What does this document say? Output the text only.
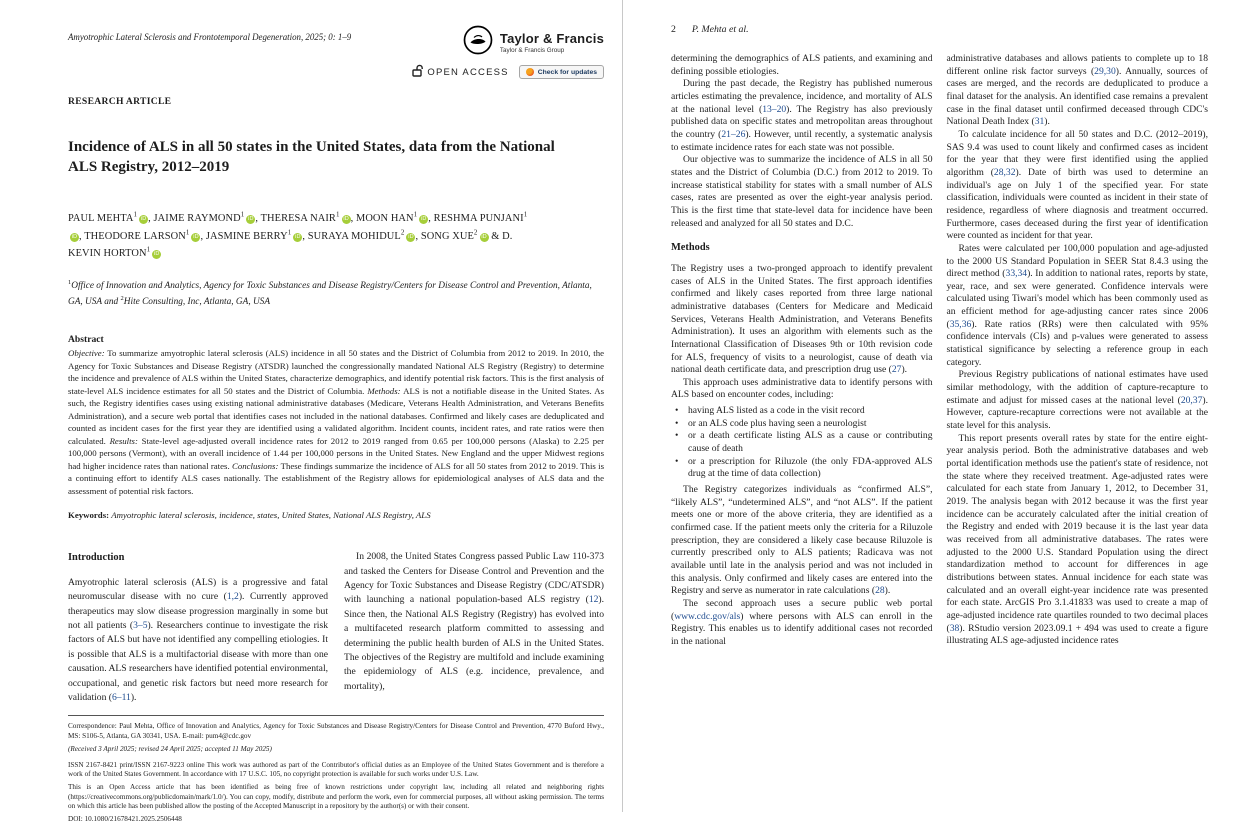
Amyotrophic Lateral Sclerosis and Frontotemporal Degeneration, 2025; 0: 1–9	Taylor & Francis
Taylor & Francis Group
OPEN ACCESS	Check for updates
RESEARCH ARTICLE
Incidence of ALS in all 50 states in the United States, data from the National ALS Registry, 2012–2019
PAUL MEHTA$^1$iD , JAIME RAYMOND$^1$iD , THERESA NAIR$^1$iD , MOON HAN$^1$iD , RESHMA PUNJANI$^1$iD , THEODORE LARSON$^1$iD , JASMINE BERRY$^1$iD , SURAYA MOHIDUL$^2$iD , SONG XUE$^2$iD & D. KEVIN HORTON$^1$iD
$^1$Office of Innovation and Analytics, Agency for Toxic Substances and Disease Registry/Centers for Disease Control and Prevention, Atlanta, GA, USA and $^2$Hite Consulting, Inc, Atlanta, GA, USA
Abstract
Objective: To summarize amyotrophic lateral sclerosis (ALS) incidence in all 50 states and the District of Columbia from 2012 to 2019. In 2010, the Agency for Toxic Substances and Disease Registry (ATSDR) launched the congressionally mandated National ALS Registry (Registry) to determine the incidence and prevalence of ALS within the United States, characterize demographics, and identify potential risk factors. This is the first analysis of state-level ALS incidence estimates for all 50 states and the District of Columbia. Methods: ALS is not a notifiable disease in the United States. As such, the Registry identifies cases using existing national administrative databases (Medicare, Veterans Health Administration, and Veterans Benefits Administration), and a secure web portal that identifies cases not included in the national databases. Confirmed and likely cases are deduplicated and counted as incident cases for the first year they are identified using a validated algorithm. Incident counts, incident rates, and rate ratios were then calculated. Results: State-level age-adjusted overall incidence rates for 2012 to 2019 ranged from 0.65 per 100,000 persons (Alaska) to 2.25 per 100,000 persons (Vermont), with an overall incidence of 1.44 per 100,000 persons in the United States. New England and the upper Midwest regions had higher incidence rates than national rates. Conclusions: These findings summarize the incidence of ALS for all 50 states from 2012 to 2019. This is a continuing effort to identify ALS cases nationally. The establishment of the Registry allows for epidemiological analyses of ALS data and the assessment of potential risk factors.
Keywords: Amyotrophic lateral sclerosis, incidence, states, United States, National ALS Registry, ALS
Introduction

Amyotrophic lateral sclerosis (ALS) is a progressive and fatal neuromuscular disease with no cure (1,2). Currently approved therapeutics may slow disease progression marginally in some but not all patients (3–5). Researchers continue to investigate the risk factors of ALS but have not identified any compelling etiologies. It is possible that ALS is a multifactorial disease with more than one causation. ALS researchers have identified potential environmental, occupational, and genetic risk factors but need more research for validation (6–11).

In 2008, the United States Congress passed Public Law 110-373 and tasked the Centers for Disease Control and Prevention and the Agency for Toxic Substances and Disease Registry (CDC/ATSDR) with launching a national population-based ALS registry (12). Since then, the National ALS Registry (Registry) has evolved into a multifaceted research platform committed to assessing and determining the public health burden of ALS in the United States. The objectives of the Registry are multifold and include examining the epidemiology of ALS (e.g. incidence, prevalence, and mortality),

Correspondence: Paul Mehta, Office of Innovation and Analytics, Agency for Toxic Substances and Disease Registry/Centers for Disease Control and Prevention, 4770 Buford Hwy., MS: S106-5, Atlanta, GA 30341, USA. E-mail: pum4@cdc.gov

(Received 3 April 2025; revised 24 April 2025; accepted 11 May 2025)

ISSN 2167-8421 print/ISSN 2167-9223 online This work was authored as part of the Contributor's official duties as an Employee of the United States Government and is therefore a work of the United States Government. In accordance with 17 U.S.C. 105, no copyright protection is available for such works under U.S. Law.

This is an Open Access article that has been identified as being free of known restrictions under copyright law, including all related and neighboring rights (https://creativecommons.org/publicdomain/mark/1.0/). You can copy, modify, distribute and perform the work, even for commercial purposes, all without asking permission. The terms on which this article has been published allow the posting of the Accepted Manuscript in a repository by the author(s) or with their consent.

DOI: 10.1080/21678421.2025.2506448

2 P. Mehta et al.

determining the demographics of ALS patients, and examining and defining possible etiologies.

During the past decade, the Registry has published numerous articles estimating the prevalence, incidence, and mortality of ALS at the national level (13–20). The Registry has also previously published data on specific states and metropolitan areas throughout the country (21–26). However, until recently, a systematic analysis to estimate incidence rates for each state was not possible.

Our objective was to summarize the incidence of ALS in all 50 states and the District of Columbia (D.C.) from 2012 to 2019. To increase statistical stability for states with a small number of ALS cases, rates are presented as over the eight-year analysis period. This is the first time that state-level data for incidence have been released and analyzed for all 50 states and D.C.

Methods

The Registry uses a two-pronged approach to identify prevalent cases of ALS in the United States. The first approach identifies confirmed and likely cases reported from three large national administrative databases (Centers for Medicare and Medicaid Services, Veterans Health Administration, and Veterans Benefits Administration). It uses an algorithm with elements such as the International Classification of Diseases 9th or 10th revision code for ALS, frequency of visits to a neurologist, cause of death via national death certificate data, and prescription drug use (27).

This approach uses administrative data to identify persons with ALS based on encounter codes, including:

• having ALS listed as a code in the visit record
• or an ALS code plus having seen a neurologist
• or a death certificate listing ALS as a cause or contributing cause of death
• or a prescription for Riluzole (the only FDA-approved ALS drug at the time of data collection)

The Registry categorizes individuals as “confirmed ALS”, “likely ALS”, “undetermined ALS”, and “not ALS”. If the patient meets one or more of the above criteria, they are identified as a confirmed case. If the patient meets only the criteria for a Riluzole prescription, they are considered a likely case because Riluzole is currently prescribed only to ALS patients; Radicava was not available until late in the analysis period and was not included in this analysis. Only confirmed and likely cases are entered into the Registry and serve as numerator in rate calculations (28).

The second approach uses a secure public web portal (www.cdc.gov/als) where persons with ALS can enroll in the Registry. This enables us to identify additional cases not recorded in the national

administrative databases and allows patients to complete up to 18 different online risk factor surveys (29,30). Annually, sources of cases are merged, and the records are deduplicated to produce a final dataset for the analysis. An identified case remains a prevalent case in the final dataset until confirmed deceased through CDC's National Death Index (31).

To calculate incidence for all 50 states and D.C. (2012–2019), SAS 9.4 was used to count likely and confirmed cases as incident for the year that they were first identified using the applied algorithm (28,32). Date of birth was used to determine an individual's age on July 1 of the specified year. For state classification, individuals were counted as incident in their state of residence, regardless of where diagnosis and treatment occurred. Furthermore, cases deceased during the first year of identification were counted as incident for that year.

Rates were calculated per 100,000 population and age-adjusted to the 2000 US Standard Population in SEER Stat 8.4.3 using the direct method (33,34). In addition to national rates, reports by state, year, race, and sex were generated. Confidence intervals were calculated using Tiwari's model which has been commonly used as an efficient method for age-adjusting cancer rates since 2006 (35,36). Rate ratios (RRs) were then calculated with 95% confidence intervals (CIs) and p-values were generated to assess statistical significance by selecting a reference group in each category.

Previous Registry publications of national estimates have used similar methodology, with the addition of capture-recapture to estimate and adjust for missed cases at the national level (20,37). However, capture-recapture corrections were not available at the state level for this analysis.

This report presents overall rates by state for the entire eight-year analysis period. Both the administrative databases and web portal identification methods use the patient's state of residence, not the state where they received treatment. Age-adjusted rates were calculated for each state from January 1, 2012, to December 31, 2019. The analysis began with 2012 because it was the first year incidence can be accurately calculated after the initial creation of the Registry and ended with 2019 because it is the last year data was received from all administrative databases. The rates were adjusted to the 2000 U.S. Standard Population using the direct standardization method to account for differences in age distributions between states. Annual incidence for each state was calculated and an overall eight-year incidence rate was presented for each state. ArcGIS Pro 3.1.41833 was used to create a map of age-adjusted incidence rate quartiles rounded to two decimal places (38). RStudio version 2023.09.1 + 494 was used to create a figure illustrating ALS age-adjusted incidence rates
